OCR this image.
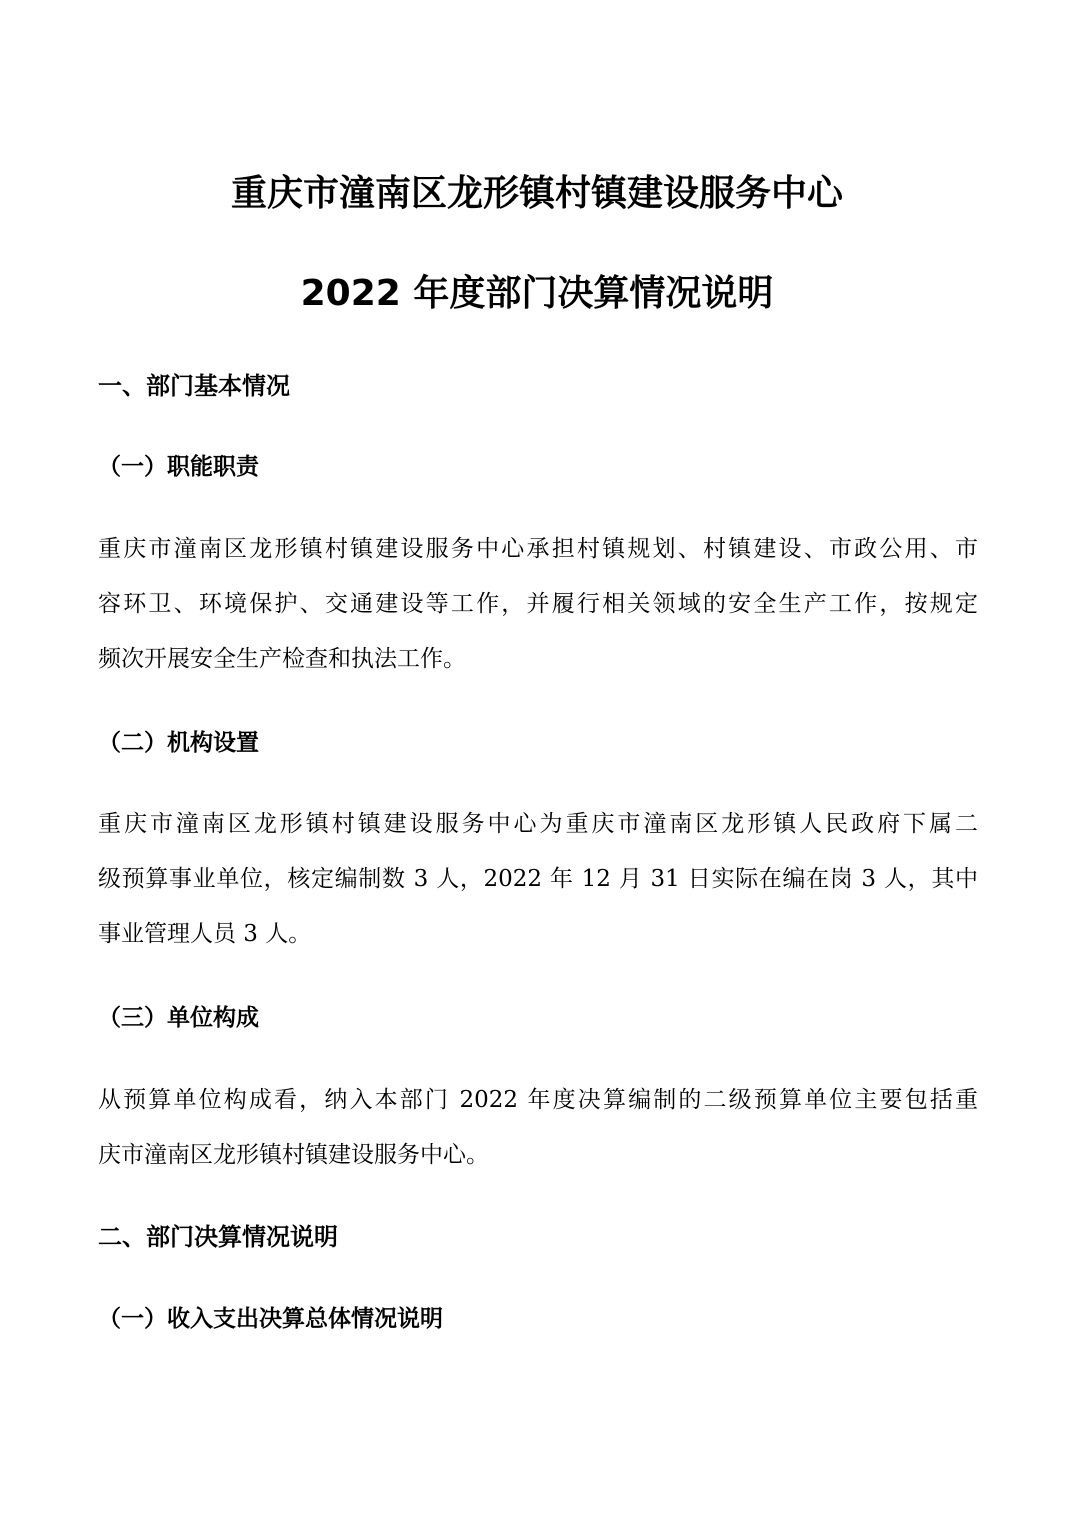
重庆市潼南区龙形镇村镇建设服务中心
2022 年度部门决算情况说明
一、部门基本情况
（一）职能职责
重庆市潼南区龙形镇村镇建设服务中心承担村镇规划、村镇建设、市政公用、市
容环卫、环境保护、交通建设等工作，并履行相关领域的安全生产工作，按规定
频次开展安全生产检查和执法工作。
（二）机构设置
重庆市潼南区龙形镇村镇建设服务中心为重庆市潼南区龙形镇人民政府下属二
级预算事业单位，核定编制数 3 人，2022 年 12 月 31 日实际在编在岗 3 人，其中
事业管理人员 3 人。
（三）单位构成
从预算单位构成看，纳入本部门 2022 年度决算编制的二级预算单位主要包括重
庆市潼南区龙形镇村镇建设服务中心。
二、部门决算情况说明
（一）收入支出决算总体情况说明
